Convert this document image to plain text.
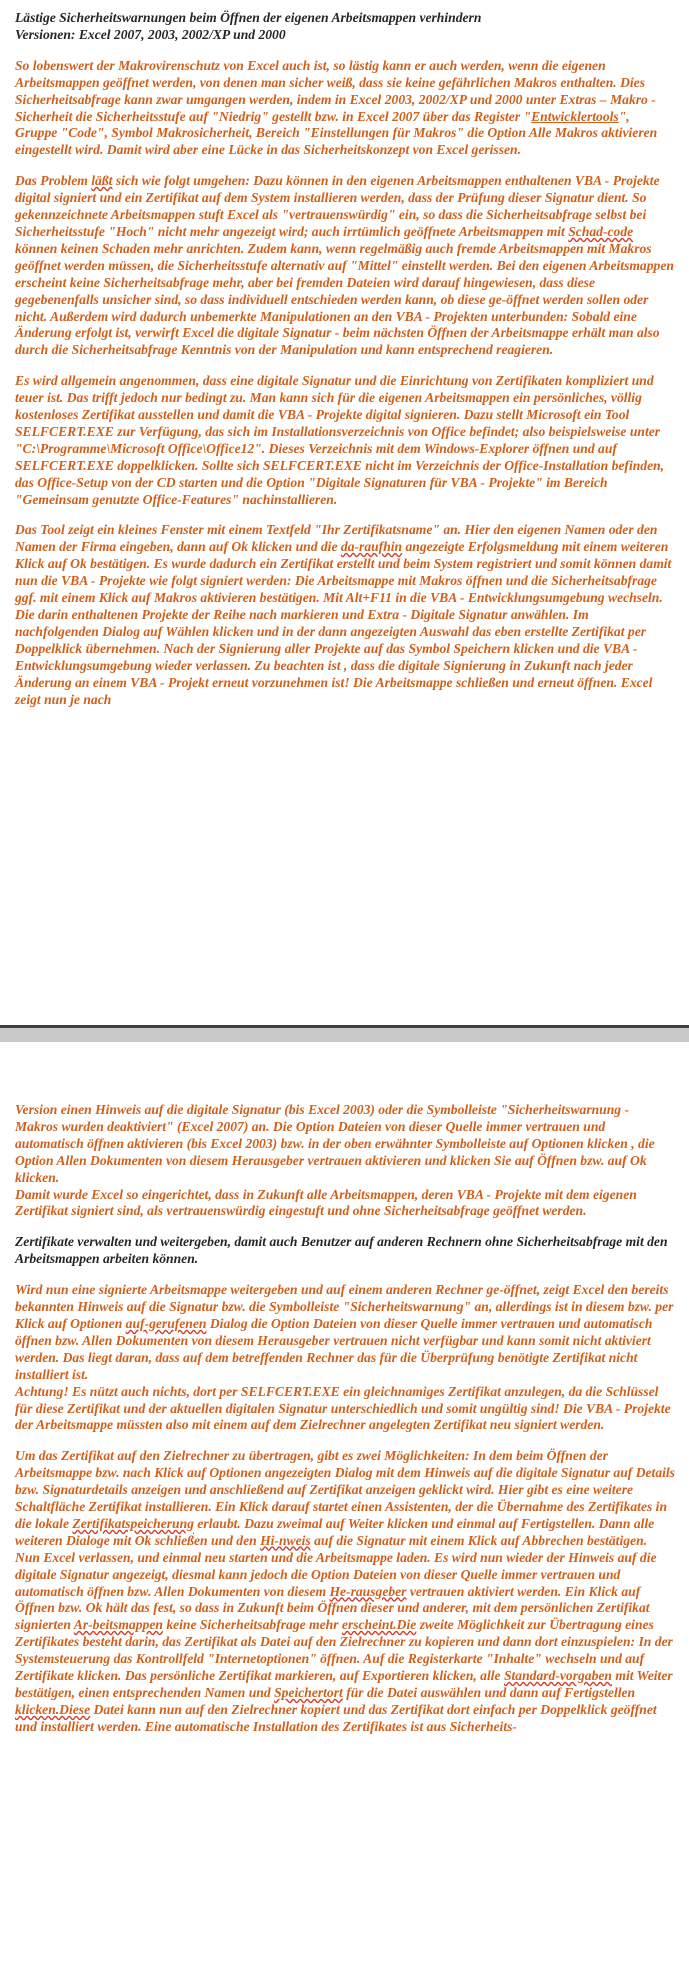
Lästige Sicherheitswarnungen beim Öffnen der eigenen Arbeitsmappen verhindern
Versionen: Excel 2007, 2003, 2002/XP und 2000

So lobenswert der Makrovirenschutz von Excel auch ist, so lästig kann er auch werden, wenn die eigenen Arbeitsmappen geöffnet werden, von denen man sicher weiß, dass sie keine gefährlichen Makros enthalten. Dies Sicherheitsabfrage kann zwar umgangen werden, indem in Excel 2003, 2002/XP und 2000 unter Extras – Makro - Sicherheit die Sicherheitsstufe auf "Niedrig" gestellt bzw. in Excel 2007 über das Register "Entwicklertools", Gruppe "Code", Symbol Makrosicherheit, Bereich "Einstellungen für Makros" die Option Alle Makros aktivieren eingestellt wird. Damit wird aber eine Lücke in das Sicherheitskonzept von Excel gerissen.

Das Problem läßt sich wie folgt umgehen: Dazu können in den eigenen Arbeitsmappen enthaltenen VBA - Projekte digital signiert und ein Zertifikat auf dem System installieren werden, dass der Prüfung dieser Signatur dient. So gekennzeichnete Arbeitsmappen stuft Excel als "vertrauenswürdig" ein, so dass die Sicherheitsabfrage selbst bei Sicherheitsstufe "Hoch" nicht mehr angezeigt wird; auch irrtümlich geöffnete Arbeitsmappen mit Schad-code können keinen Schaden mehr anrichten. Zudem kann, wenn regelmäßig auch fremde Arbeitsmappen mit Makros geöffnet werden müssen, die Sicherheitsstufe alternativ auf "Mittel" einstellt werden. Bei den eigenen Arbeitsmappen erscheint keine Sicherheitsabfrage mehr, aber bei fremden Dateien wird darauf hingewiesen, dass diese gegebenenfalls unsicher sind, so dass individuell entschieden werden kann, ob diese ge-öffnet werden sollen oder nicht. Außerdem wird dadurch unbemerkte Manipulationen an den VBA - Projekten unterbunden: Sobald eine Änderung erfolgt ist, verwirft Excel die digitale Signatur - beim nächsten Öffnen der Arbeitsmappe erhält man also durch die Sicherheitsabfrage Kenntnis von der Manipulation und kann entsprechend reagieren.

Es wird allgemein angenommen, dass eine digitale Signatur und die Einrichtung von Zertifikaten kompliziert und teuer ist. Das trifft jedoch nur bedingt zu. Man kann sich für die eigenen Arbeitsmappen ein persönliches, völlig kostenloses Zertifikat ausstellen und damit die VBA - Projekte digital signieren. Dazu stellt Microsoft ein Tool SELFCERT.EXE zur Verfügung, das sich im Installationsverzeichnis von Office befindet; also beispielsweise unter "C:\Programme\Microsoft Office\Office12". Dieses Verzeichnis mit dem Windows-Explorer öffnen und auf SELFCERT.EXE doppelklicken. Sollte sich SELFCERT.EXE nicht im Verzeichnis der Office-Installation befinden, das Office-Setup von der CD starten und die Option "Digitale Signaturen für VBA - Projekte" im Bereich "Gemeinsam genutzte Office-Features" nachinstallieren.

Das Tool zeigt ein kleines Fenster mit einem Textfeld "Ihr Zertifikatsname" an. Hier den eigenen Namen oder den Namen der Firma eingeben, dann auf Ok klicken und die da-raufhin angezeigte Erfolgsmeldung mit einem weiteren Klick auf Ok bestätigen. Es wurde dadurch ein Zertifikat erstellt und beim System registriert und somit können damit nun die VBA - Projekte wie folgt signiert werden: Die Arbeitsmappe mit Makros öffnen und die Sicherheitsabfrage ggf. mit einem Klick auf Makros aktivieren bestätigen. Mit Alt+F11 in die VBA - Entwicklungsumgebung wechseln. Die darin enthaltenen Projekte der Reihe nach markieren und Extra - Digitale Signatur anwählen. Im nachfolgenden Dialog auf Wählen klicken und in der dann angezeigten Auswahl das eben erstellte Zertifikat per Doppelklick übernehmen. Nach der Signierung aller Projekte auf das Symbol Speichern klicken und die VBA - Entwicklungsumgebung wieder verlassen. Zu beachten ist , dass die digitale Signierung in Zukunft nach jeder Änderung an einem VBA - Projekt erneut vorzunehmen ist! Die Arbeitsmappe schließen und erneut öffnen. Excel zeigt nun je nach

Version einen Hinweis auf die digitale Signatur (bis Excel 2003) oder die Symbolleiste "Sicherheitswarnung - Makros wurden deaktiviert" (Excel 2007) an. Die Option Dateien von dieser Quelle immer vertrauen und automatisch öffnen aktivieren (bis Excel 2003) bzw. in der oben erwähnter Symbolleiste auf Optionen klicken , die Option Allen Dokumenten von diesem Herausgeber vertrauen aktivieren und klicken Sie auf Öffnen bzw. auf Ok klicken.

Damit wurde Excel so eingerichtet, dass in Zukunft alle Arbeitsmappen, deren VBA - Projekte mit dem eigenen Zertifikat signiert sind, als vertrauenswürdig eingestuft und ohne Sicherheitsabfrage geöffnet werden.

Zertifikate verwalten und weitergeben, damit auch Benutzer auf anderen Rechnern ohne Sicherheitsabfrage mit den Arbeitsmappen arbeiten können.

Wird nun eine signierte Arbeitsmappe weitergeben und auf einem anderen Rechner ge-öffnet, zeigt Excel den bereits bekannten Hinweis auf die Signatur bzw. die Symbolleiste "Sicherheitswarnung" an, allerdings ist in diesem bzw. per Klick auf Optionen auf-gerufenen Dialog die Option Dateien von dieser Quelle immer vertrauen und automatisch öffnen bzw. Allen Dokumenten von diesem Herausgeber vertrauen nicht verfügbar und kann somit nicht aktiviert werden. Das liegt daran, dass auf dem betreffenden Rechner das für die Überprüfung benötigte Zertifikat nicht installiert ist.

Achtung! Es nützt auch nichts, dort per SELFCERT.EXE ein gleichnamiges Zertifikat anzulegen, da die Schlüssel für diese Zertifikat und der aktuellen digitalen Signatur unterschiedlich und somit ungültig sind! Die VBA - Projekte der Arbeitsmappe müssten also mit einem auf dem Zielrechner angelegten Zertifikat neu signiert werden.

Um das Zertifikat auf den Zielrechner zu übertragen, gibt es zwei Möglichkeiten: In dem beim Öffnen der Arbeitsmappe bzw. nach Klick auf Optionen angezeigten Dialog mit dem Hinweis auf die digitale Signatur auf Details bzw. Signaturdetails anzeigen und anschließend auf Zertifikat anzeigen geklickt wird. Hier gibt es eine weitere Schaltfläche Zertifikat installieren. Ein Klick darauf startet einen Assistenten, der die Übernahme des Zertifikates in die lokale Zertifikatspeicherung erlaubt. Dazu zweimal auf Weiter klicken und einmal auf Fertigstellen. Dann alle weiteren Dialoge mit Ok schließen und den Hi-nweis auf die Signatur mit einem Klick auf Abbrechen bestätigen. Nun Excel verlassen, und einmal neu starten und die Arbeitsmappe laden. Es wird nun wieder der Hinweis auf die digitale Signatur angezeigt, diesmal kann jedoch die Option Dateien von dieser Quelle immer vertrauen und automatisch öffnen bzw. Allen Dokumenten von diesem He-rausgeber vertrauen aktiviert werden. Ein Klick auf Öffnen bzw. Ok hält das fest, so dass in Zukunft beim Öffnen dieser und anderer, mit dem persönlichen Zertifikat signierten Ar-beitsmappen keine Sicherheitsabfrage mehr erscheint.Die zweite Möglichkeit zur Übertragung eines Zertifikates besteht darin, das Zertifikat als Datei auf den Zielrechner zu kopieren und dann dort einzuspielen: In der Systemsteuerung das Kontrollfeld "Internetoptionen" öffnen. Auf die Registerkarte "Inhalte" wechseln und auf Zertifikate klicken. Das persönliche Zertifikat markieren, auf Exportieren klicken, alle Standard-vorgaben mit Weiter bestätigen, einen entsprechenden Namen und Speichertort für die Datei auswählen und dann auf Fertigstellen klicken.Diese Datei kann nun auf den Zielrechner kopiert und das Zertifikat dort einfach per Doppelklick geöffnet und installiert werden. Eine automatische Installation des Zertifikates ist aus Sicherheits-
